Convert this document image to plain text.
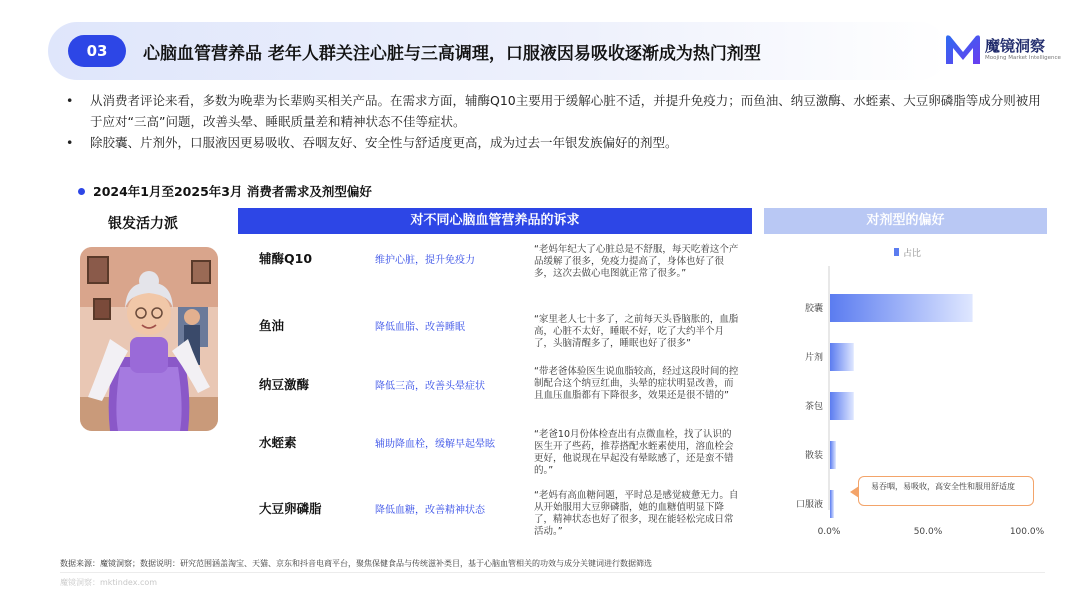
03	心脑血管营养品 老年人群关注心脏与三高调理，口服液因易吸收逐渐成为热门剂型	魔镜洞察
Moojing Market Intelligence
• 从消费者评论来看，多数为晚辈为长辈购买相关产品。在需求方面，辅酶Q10主要用于缓解心脏不适，并提升免疫力；而鱼油、纳豆激酶、水蛭素、大豆卵磷脂等成分则被用于应对“三高”问题，改善头晕、睡眠质量差和精神状态不佳等症状。
• 除胶囊、片剂外，口服液因更易吸收、吞咽友好、安全性与舒适度更高，成为过去一年银发族偏好的剂型。
2024年1月至2025年3月 消费者需求及剂型偏好
银发活力派	对不同心脑血管营养品的诉求	对剂型的偏好
辅酶Q10	维护心脏，提升免疫力
“老妈年纪大了心脏总是不舒服，每天吃着这个产品缓解了很多，免疫力提高了，身体也好了很多，这次去做心电图就正常了很多。”
鱼油	降低血脂、改善睡眠
“家里老人七十多了，之前每天头昏脑胀的，血脂高，心脏不太好，睡眠不好，吃了大约半个月了，头脑清醒多了，睡眠也好了很多”
纳豆激酶	降低三高，改善头晕症状
“带老爸体验医生说血脂较高，经过这段时间的控制配合这个纳豆红曲，头晕的症状明显改善，而且血压血脂都有下降很多，效果还是很不错的”
水蛭素	辅助降血栓，缓解早起晕眩
“老爸10月份体检查出有点微血栓，找了认识的医生开了些药，推荐搭配水蛭素使用，溶血栓会更好，他说现在早起没有晕眩感了，还是蛮不错的。”
大豆卵磷脂	降低血糖，改善精神状态
“老妈有高血糖问题，平时总是感觉疲惫无力。自从开始服用大豆卵磷脂，她的血糖值明显下降了，精神状态也好了很多，现在能轻松完成日常活动。”
占比
胶囊
片剂
茶包
散装
口服液
0.0%	50.0%	100.0%
易吞咽，易吸收，高安全性和服用舒适度
数据来源：魔镜洞察；数据说明：研究范围涵盖淘宝、天猫、京东和抖音电商平台，聚焦保健食品与传统滋补类目，基于心脑血管相关的功效与成分关键词进行数据筛选
魔镜洞察：mktindex.com
